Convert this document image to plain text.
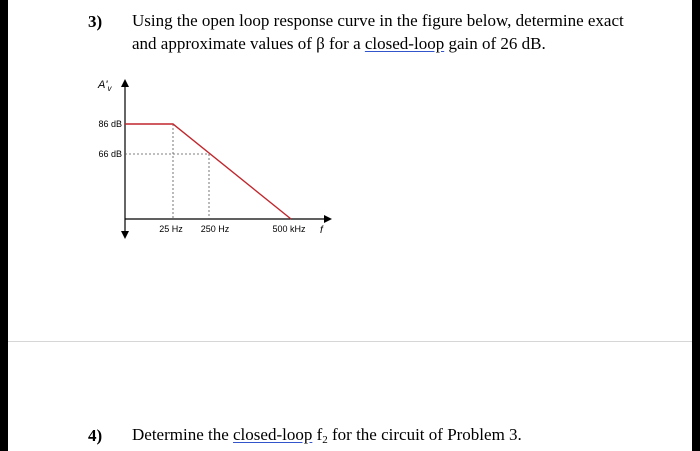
3) Using the open loop response curve in the figure below, determine exact
and approximate values of β for a closed-loop gain of 26 dB.
$A'_v$
f
86 dB
66 dB
25 Hz 250 Hz	500 kHz
4) Determine the closed-loop $f_2$ for the circuit of Problem 3.
